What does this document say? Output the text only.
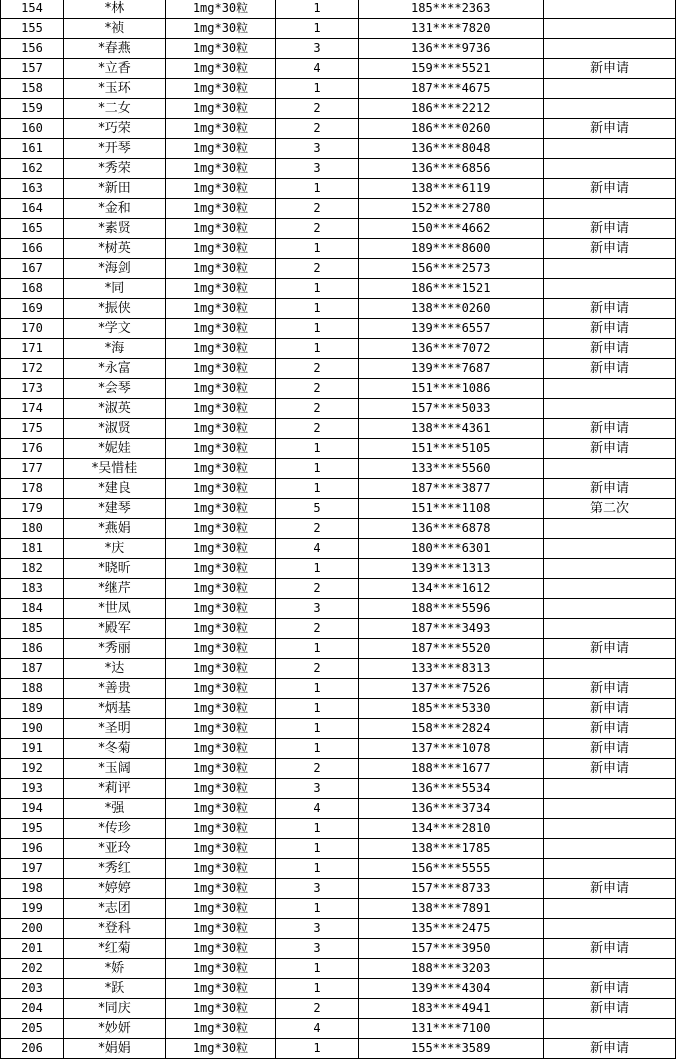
154	*林	1mg*30粒	1	185****2363	
155	*祯	1mg*30粒	1	131****7820	
156	*春燕	1mg*30粒	3	136****9736	
157	*立香	1mg*30粒	4	159****5521	新申请
158	*玉环	1mg*30粒	1	187****4675	
159	*二女	1mg*30粒	2	186****2212	
160	*巧荣	1mg*30粒	2	186****0260	新申请
161	*开琴	1mg*30粒	3	136****8048	
162	*秀荣	1mg*30粒	3	136****6856	
163	*新田	1mg*30粒	1	138****6119	新申请
164	*金和	1mg*30粒	2	152****2780	
165	*素贤	1mg*30粒	2	150****4662	新申请
166	*树英	1mg*30粒	1	189****8600	新申请
167	*海剑	1mg*30粒	2	156****2573	
168	*同	1mg*30粒	1	186****1521	
169	*振侠	1mg*30粒	1	138****0260	新申请
170	*学文	1mg*30粒	1	139****6557	新申请
171	*海	1mg*30粒	1	136****7072	新申请
172	*永富	1mg*30粒	2	139****7687	新申请
173	*会琴	1mg*30粒	2	151****1086	
174	*淑英	1mg*30粒	2	157****5033	
175	*淑贤	1mg*30粒	2	138****4361	新申请
176	*妮娃	1mg*30粒	1	151****5105	新申请
177	*吴惜桂	1mg*30粒	1	133****5560	
178	*建良	1mg*30粒	1	187****3877	新申请
179	*建琴	1mg*30粒	5	151****1108	第二次
180	*燕娟	1mg*30粒	2	136****6878	
181	*庆	1mg*30粒	4	180****6301	
182	*晓昕	1mg*30粒	1	139****1313	
183	*继芹	1mg*30粒	2	134****1612	
184	*世凤	1mg*30粒	3	188****5596	
185	*殿军	1mg*30粒	2	187****3493	
186	*秀丽	1mg*30粒	1	187****5520	新申请
187	*达	1mg*30粒	2	133****8313	
188	*善贵	1mg*30粒	1	137****7526	新申请
189	*炳基	1mg*30粒	1	185****5330	新申请
190	*圣明	1mg*30粒	1	158****2824	新申请
191	*冬菊	1mg*30粒	1	137****1078	新申请
192	*玉阔	1mg*30粒	2	188****1677	新申请
193	*莉评	1mg*30粒	3	136****5534	
194	*强	1mg*30粒	4	136****3734	
195	*传珍	1mg*30粒	1	134****2810	
196	*亚玲	1mg*30粒	1	138****1785	
197	*秀红	1mg*30粒	1	156****5555	
198	*婷婷	1mg*30粒	3	157****8733	新申请
199	*志团	1mg*30粒	1	138****7891	
200	*登科	1mg*30粒	3	135****2475	
201	*红菊	1mg*30粒	3	157****3950	新申请
202	*娇	1mg*30粒	1	188****3203	
203	*跃	1mg*30粒	1	139****4304	新申请
204	*同庆	1mg*30粒	2	183****4941	新申请
205	*妙妍	1mg*30粒	4	131****7100	
206	*娟娟	1mg*30粒	1	155****3589	新申请
